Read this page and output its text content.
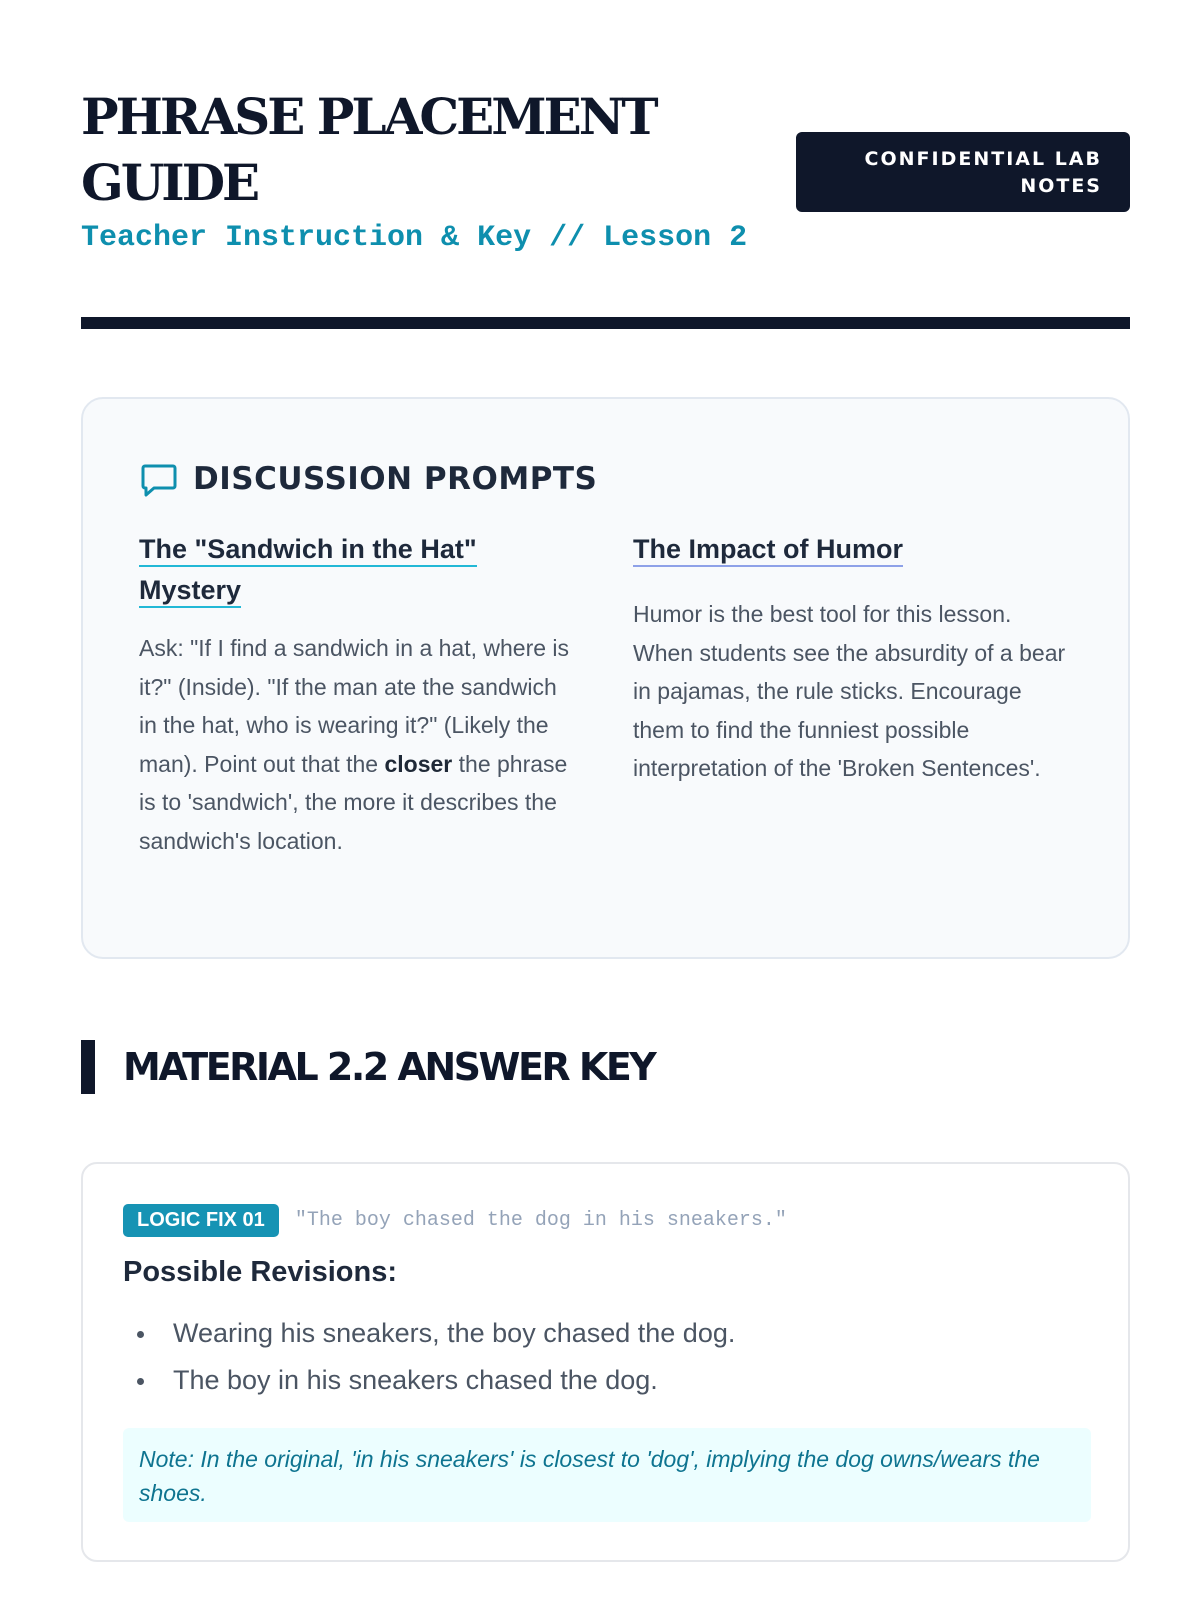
PHRASE PLACEMENT GUIDE
Teacher Instruction & Key // Lesson 2
CONFIDENTIAL LAB NOTES
DISCUSSION PROMPTS
The "Sandwich in the Hat" Mystery

Ask: "If I find a sandwich in a hat, where is it?" (Inside). "If the man ate the sandwich in the hat, who is wearing it?" (Likely the man). Point out that the closer the phrase is to 'sandwich', the more it describes the sandwich's location.

The Impact of Humor

Humor is the best tool for this lesson. When students see the absurdity of a bear in pajamas, the rule sticks. Encourage them to find the funniest possible interpretation of the 'Broken Sentences'.

MATERIAL 2.2 ANSWER KEY
LOGIC FIX 01	"The boy chased the dog in his sneakers."
Possible Revisions:
Wearing his sneakers, the boy chased the dog.
The boy in his sneakers chased the dog.
Note: In the original, 'in his sneakers' is closest to 'dog', implying the dog owns/wears the shoes.
